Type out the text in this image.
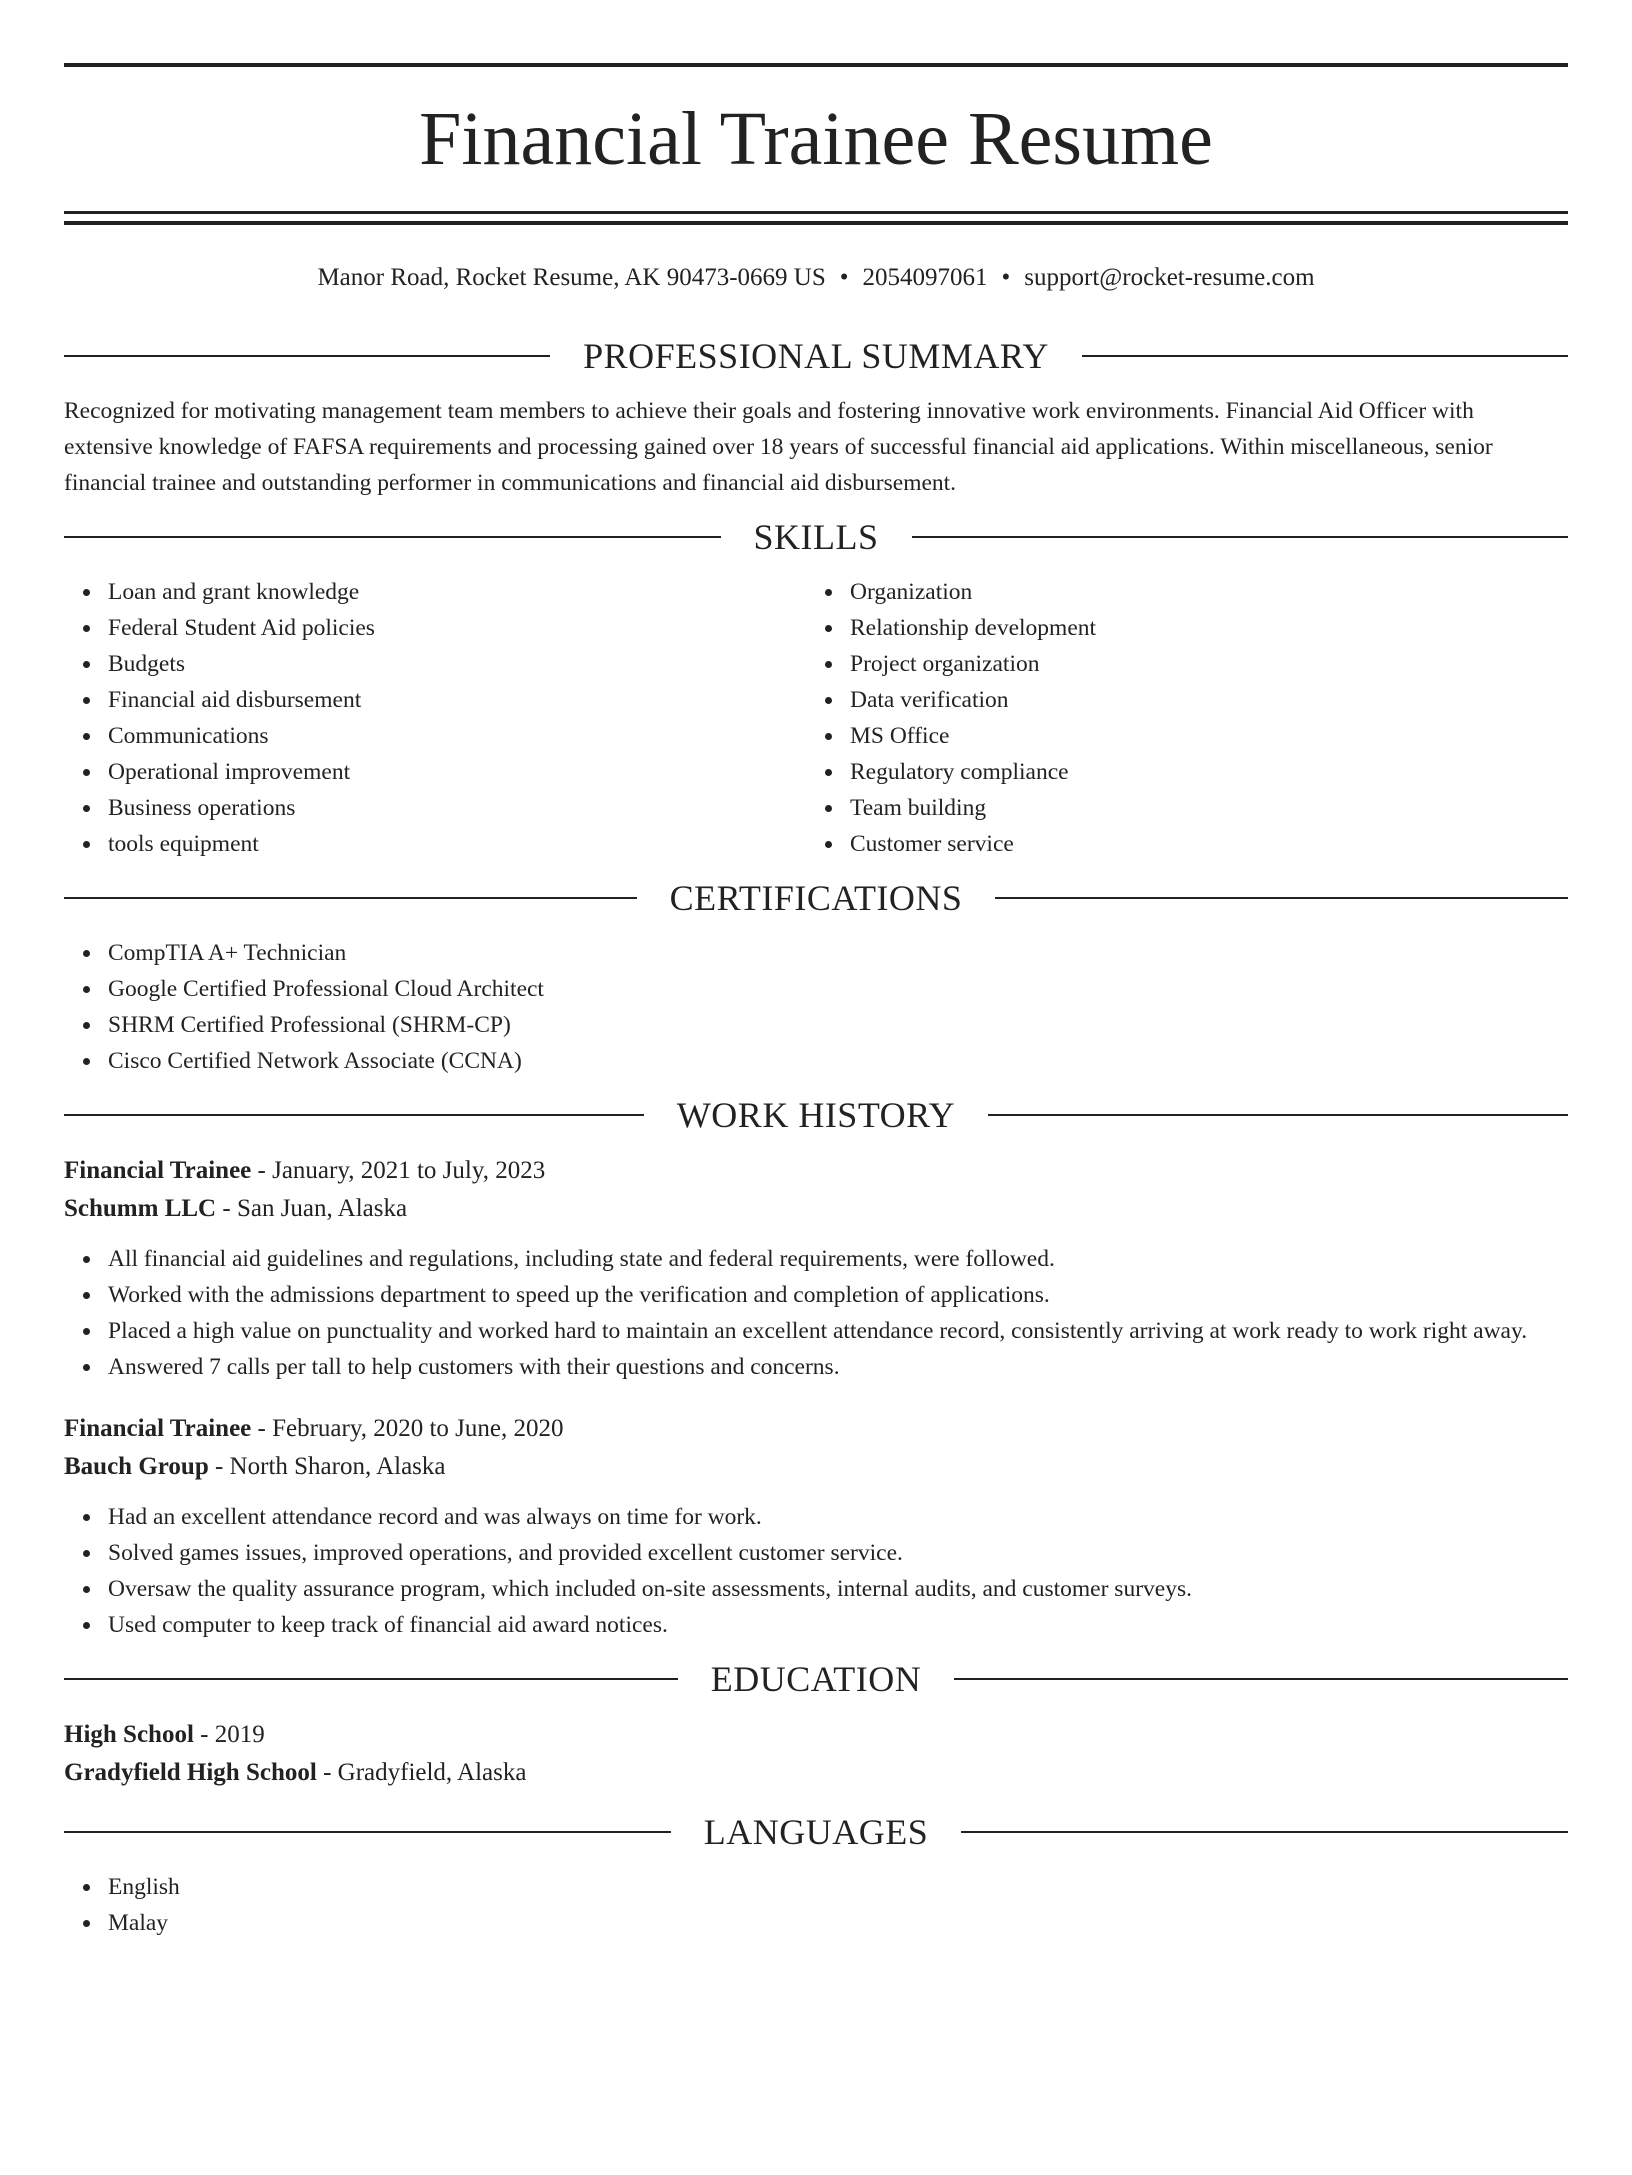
Financial Trainee Resume
Manor Road, Rocket Resume, AK 90473-0669 US • 2054097061 • support@rocket-resume.com
PROFESSIONAL SUMMARY

Recognized for motivating management team members to achieve their goals and fostering innovative work environments. Financial Aid Officer with extensive knowledge of FAFSA requirements and processing gained over 18 years of successful financial aid applications. Within miscellaneous, senior financial trainee and outstanding performer in communications and financial aid disbursement.

SKILLS
Loan and grant knowledge
Federal Student Aid policies
Budgets
Financial aid disbursement
Communications
Operational improvement
Business operations
tools equipment
Organization
Relationship development
Project organization
Data verification
MS Office
Regulatory compliance
Team building
Customer service
CERTIFICATIONS
CompTIA A+ Technician
Google Certified Professional Cloud Architect
SHRM Certified Professional (SHRM-CP)
Cisco Certified Network Associate (CCNA)
WORK HISTORY
Financial Trainee - January, 2021 to July, 2023
Schumm LLC - San Juan, Alaska
All financial aid guidelines and regulations, including state and federal requirements, were followed.
Worked with the admissions department to speed up the verification and completion of applications.
Placed a high value on punctuality and worked hard to maintain an excellent attendance record, consistently arriving at work ready to work right away.
Answered 7 calls per tall to help customers with their questions and concerns.
Financial Trainee - February, 2020 to June, 2020
Bauch Group - North Sharon, Alaska
Had an excellent attendance record and was always on time for work.
Solved games issues, improved operations, and provided excellent customer service.
Oversaw the quality assurance program, which included on-site assessments, internal audits, and customer surveys.
Used computer to keep track of financial aid award notices.
EDUCATION
High School - 2019
Gradyfield High School - Gradyfield, Alaska
LANGUAGES
English
Malay
